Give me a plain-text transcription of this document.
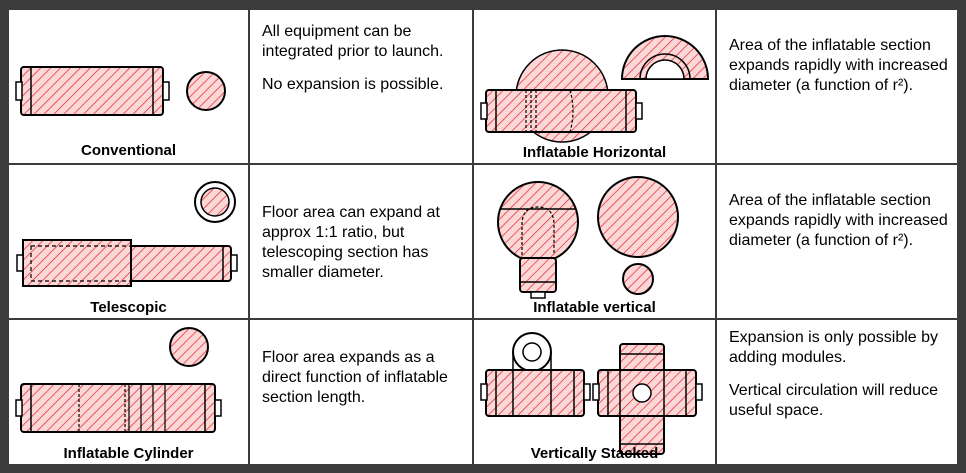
Conventional

All equipment can be integrated prior to launch.

No expansion is possible.

Inflatable Horizontal

Area of the inflatable section expands rapidly with increased diameter (a function of r²).

Telescopic

Floor area can expand at approx 1:1 ratio, but telescoping section has smaller diameter.

Inflatable vertical

Area of the inflatable section expands rapidly with increased diameter (a function of r²).

Inflatable Cylinder

Floor area expands as a direct function of inflatable section length.

Vertically Stacked

Expansion is only possible by adding modules.

Vertical circulation will reduce useful space.
